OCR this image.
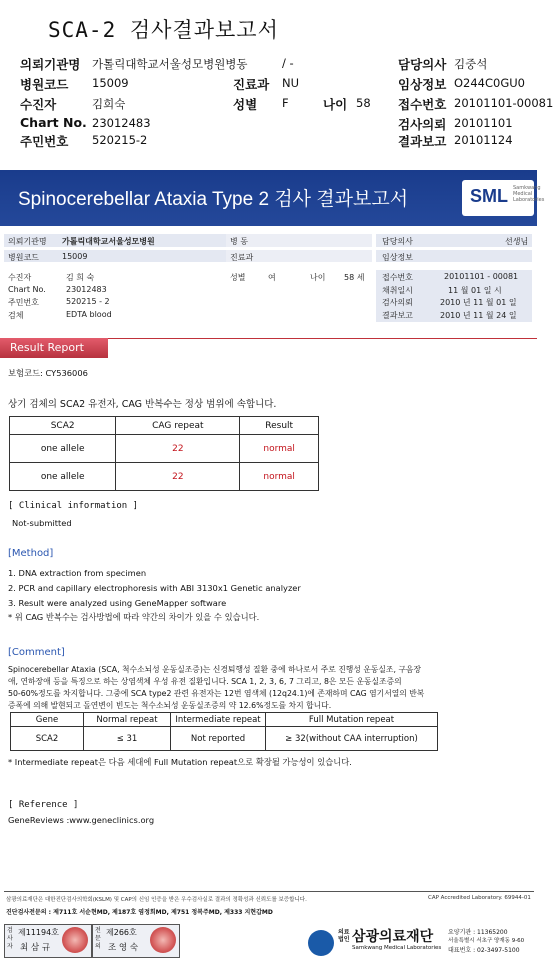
SCA-2 검사결과보고서
의뢰기관명 가톨릭대학교서울성모병원병동	/ -	담당의사 김중석
병원코드 15009	진료과 NU	임상정보 O244C0GU0
수진자	김희숙	성별 F	나이 58 접수번호 20101101-00081
Chart No. 23012483	검사의뢰 20101101
주민번호 520215-2	결과보고 20101124
Spinocerebellar Ataxia Type 2 검사 결과보고서	SML Samkwang Medical Laboratories
의뢰기관명 가톨릭대학교서울성모병원	병 동	담당의사	선생님
병원코드	15009	진료과	임상정보
수진자	김 희 숙	성별	여	나이 58 세 접수번호	20101101 - 00081
Chart No.	23012483	채취일시	11 월 01 일 시
주민번호	520215 - 2	검사의뢰	2010 년 11 월 01 일
검체	EDTA blood	결과보고	2010 년 11 월 24 일
Result Report
보험코드: CY536006
상기 검체의 SCA2 유전자, CAG 반복수는 정상 범위에 속합니다.
SCA2	CAG repeat	Result
one allele	22	normal
one allele	22	normal
[ Clinical information ]
Not-submitted
[Method]
1. DNA extraction from specimen
2. PCR and capillary electrophoresis with ABI 3130x1 Genetic analyzer
3. Result were analyzed using GeneMapper software
* 위 CAG 반복수는 검사방법에 따라 약간의 차이가 있을 수 있습니다.
[Comment]
Spinocerebellar Ataxia (SCA, 척수소뇌성 운동실조증)는 신경퇴행성 질환 중에 하나로서 주로 진행성 운동실조, 구음장
애, 연하장애 등을 특징으로 하는 상염색체 우성 유전 질환입니다. SCA 1, 2, 3, 6, 7 그리고, 8은 모든 운동실조증의
50-60%정도를 차지합니다. 그중에 SCA type2 관련 유전자는 12번 염색체 (12q24.1)에 존재하며 CAG 염기서열의 반복
증폭에 의해 발현되고 돌연변이 빈도는 척수소뇌성 운동실조증의 약 12.6%정도를 차지 합니다.
Gene	Normal repeat	Intermediate repeat	Full Mutation repeat
SCA2	≤ 31	Not reported	≥ 32(without CAA interruption)
* Intermediate repeat은 다음 세대에 Full Mutation repeat으로 확장될 가능성이 있습니다.
[ Reference ]
GeneReviews :www.geneclinics.org
삼광의료재단은 대한진단검사의학회(KSLM) 및 CAP의 신임 인증을 받은 우수검사실로 결과의 정확성과 신뢰도를 보증합니다.	CAP Accredited Laboratory. 69944-01
진단검사전문의 : 제711호 서순현MD, 제187호 염정희MD, 제751 정복주MD, 제333 지현갑MD
검사자
제11194호
최 삼 규
전문의
제266호
조 영 숙
의료법인 삼광의료재단
Samkwang Medical Laboratories
요양기관 : 11365200
서울특별시 서초구 양재동 9-60
대표번호 : 02-3497-5100
